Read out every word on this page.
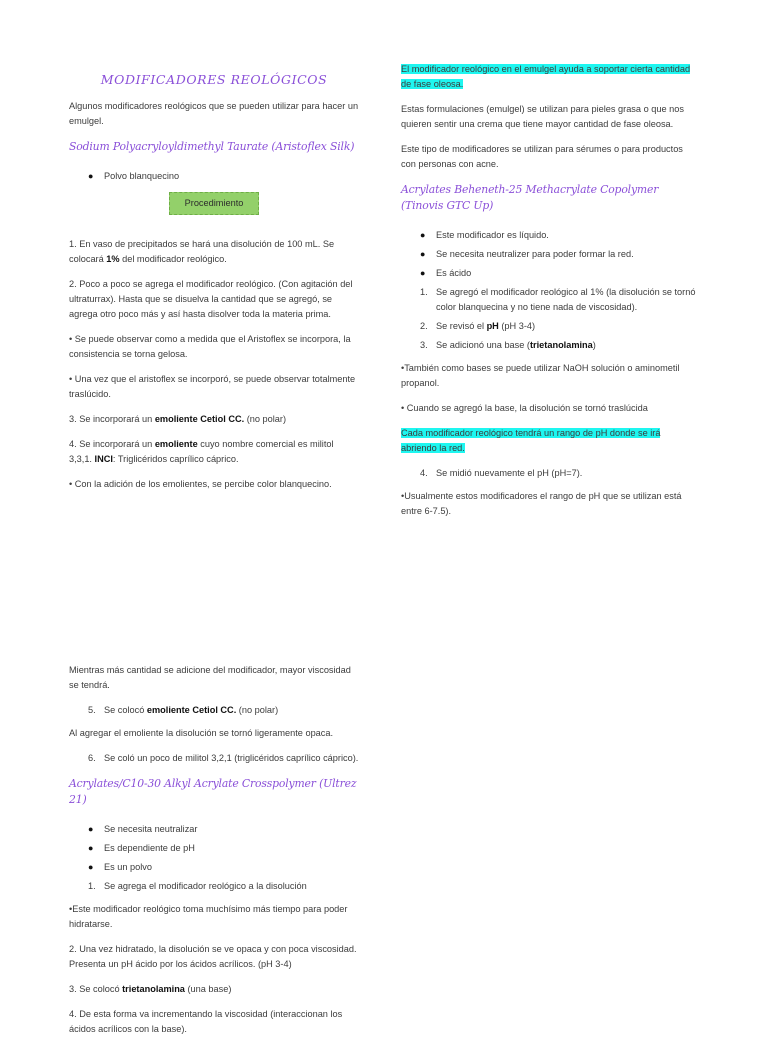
MODIFICADORES REOLÓGICOS

Algunos modificadores reológicos que se pueden utilizar para hacer un emulgel.

Sodium Polyacryloyldimethyl Taurate (Aristoflex Silk)
● Polvo blanquecino
Procedimiento

1. En vaso de precipitados se hará una disolución de 100 mL. Se colocará 1% del modificador reológico.

2. Poco a poco se agrega el modificador reológico. (Con agitación del ultraturrax). Hasta que se disuelva la cantidad que se agregó, se agrega otro poco más y así hasta disolver toda la materia prima.

• Se puede observar como a medida que el Aristoflex se incorpora, la consistencia se torna gelosa.

• Una vez que el aristoflex se incorporó, se puede observar totalmente traslúcido.

3. Se incorporará un emoliente Cetiol CC. (no polar)

4. Se incorporará un emoliente cuyo nombre comercial es militol 3,3,1. INCI: Triglicéridos caprílico cáprico.

• Con la adición de los emolientes, se percibe color blanquecino.

Mientras más cantidad se adicione del modificador, mayor viscosidad se tendrá.

5. Se colocó emoliente Cetiol CC. (no polar)

Al agregar el emoliente la disolución se tornó ligeramente opaca.

6. Se coló un poco de militol 3,2,1 (triglicéridos caprílico cáprico).
Acrylates/C10-30 Alkyl Acrylate Crosspolymer (Ultrez 21)
● Se necesita neutralizar
● Es dependiente de pH
● Es un polvo
1. Se agrega el modificador reológico a la disolución

•Este modificador reológico toma muchísimo más tiempo para poder hidratarse.

2. Una vez hidratado, la disolución se ve opaca y con poca viscosidad. Presenta un pH ácido por los ácidos acrílicos. (pH 3-4)

3. Se colocó trietanolamina (una base)

4. De esta forma va incrementando la viscosidad (interaccionan los ácidos acrílicos con la base).

El modificador reológico en el emulgel ayuda a soportar cierta cantidad de fase oleosa.

Estas formulaciones (emulgel) se utilizan para pieles grasa o que nos quieren sentir una crema que tiene mayor cantidad de fase oleosa.

Este tipo de modificadores se utilizan para sérumes o para productos con personas con acne.

Acrylates Beheneth-25 Methacrylate Copolymer (Tinovis GTC Up)
● Este modificador es líquido.
● Se necesita neutralizer para poder formar la red.
● Es ácido
1. Se agregó el modificador reológico al 1% (la disolución se tornó color blanquecina y no tiene nada de viscosidad).
2. Se revisó el pH (pH 3-4)
3. Se adicionó una base (trietanolamina)

•También como bases se puede utilizar NaOH solución o aminometil propanol.

• Cuando se agregó la base, la disolución se tornó traslúcida

Cada modificador reológico tendrá un rango de pH donde se irá abriendo la red.

4. Se midió nuevamente el pH (pH=7).

•Usualmente estos modificadores el rango de pH que se utilizan está entre 6-7.5).
